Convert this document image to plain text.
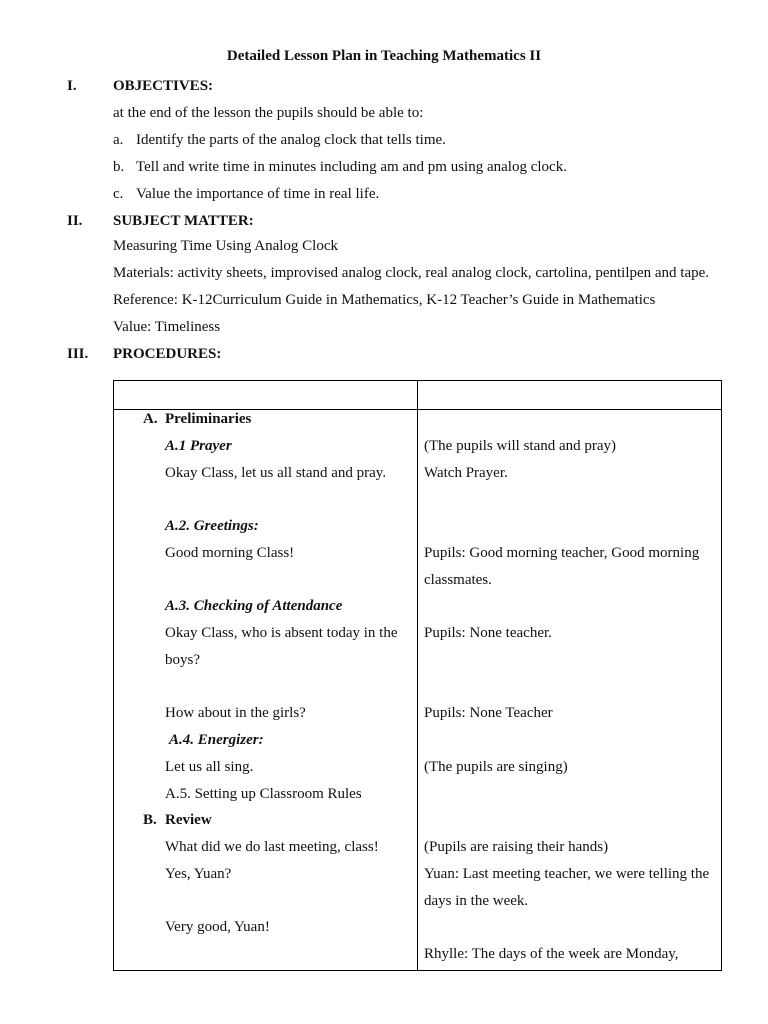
Detailed Lesson Plan in Teaching Mathematics II
I. OBJECTIVES:
at the end of the lesson the pupils should be able to:
a. Identify the parts of the analog clock that tells time.
b. Tell and write time in minutes including am and pm using analog clock.
c. Value the importance of time in real life.
II. SUBJECT MATTER:
Measuring Time Using Analog Clock
Materials: activity sheets, improvised analog clock, real analog clock, cartolina, pentilpen and tape.
Reference: K-12Curriculum Guide in Mathematics, K-12 Teacher’s Guide in Mathematics
Value: Timeliness
III. PROCEDURES:
A. Preliminaries
A.1 Prayer
Okay Class, let us all stand and pray.
A.2. Greetings:
Good morning Class!
A.3. Checking of Attendance
Okay Class, who is absent today in the
boys?
How about in the girls?
A.4. Energizer:
Let us all sing.
A.5. Setting up Classroom Rules
B. Review
What did we do last meeting, class!
Yes, Yuan?
Very good, Yuan!
(The pupils will stand and pray)
Watch Prayer.
Pupils: Good morning teacher, Good morning
classmates.
Pupils: None teacher.
Pupils: None Teacher
(The pupils are singing)
(Pupils are raising their hands)
Yuan: Last meeting teacher, we were telling the
days in the week.
Rhylle: The days of the week are Monday,
